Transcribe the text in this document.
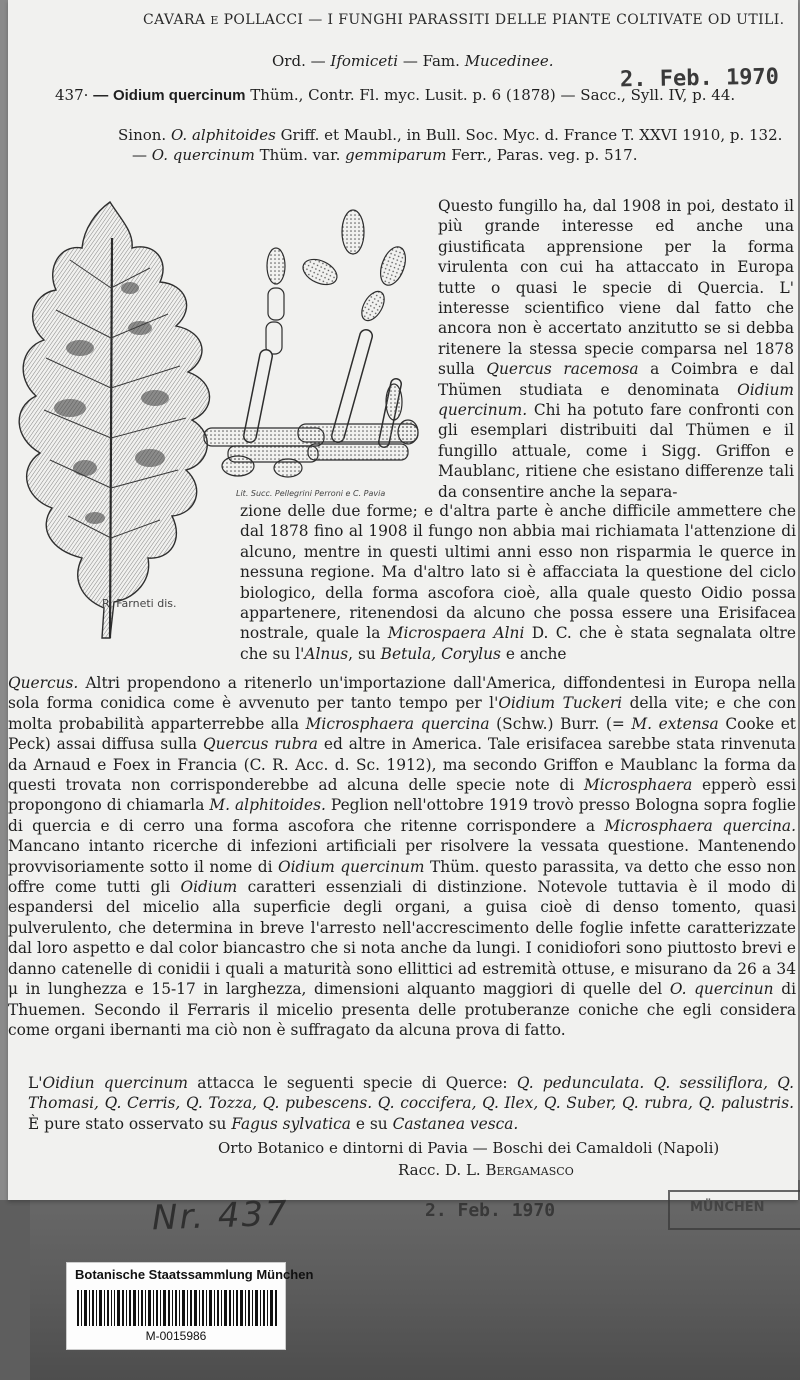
CAVARA E POLLACCI — I FUNGHI PARASSITI DELLE PIANTE COLTIVATE OD UTILI.
Ord. — Ifomiceti — Fam. Mucedinee.
2. Feb. 1970
437· — Oidium quercinum Thüm., Contr. Fl. myc. Lusit. p. 6 (1878) — Sacc., Syll. IV, p. 44.
Sinon. O. alphitoides Griff. et Maubl., in Bull. Soc. Myc. d. France T. XXVI 1910, p. 132.
— O. quercinum Thüm. var. gemmiparum Ferr., Paras. veg. p. 517.
R. Farneti dis.
Lit. Succ. Pellegrini Perroni e C. Pavia

Questo fungillo ha, dal 1908 in poi, destato il più grande interesse ed anche una giustificata apprensione per la forma virulenta con cui ha attaccato in Europa tutte o quasi le specie di Quercia. L' interesse scientifico viene dal fatto che ancora non è accertato anzitutto se si debba ritenere la stessa specie comparsa nel 1878 sulla Quercus racemosa a Coimbra e dal Thümen studiata e denominata Oidium quercinum. Chi ha potuto fare confronti con gli esemplari distribuiti dal Thümen e il fungillo attuale, come i Sigg. Griffon e Maublanc, ritiene che esistano differenze tali da consentire anche la separa-

zione delle due forme; e d'altra parte è anche difficile ammettere che dal 1878 fino al 1908 il fungo non abbia mai richiamata l'attenzione di alcuno, mentre in questi ultimi anni esso non risparmia le querce in nessuna regione. Ma d'altro lato si è affacciata la questione del ciclo biologico, della forma ascofora cioè, alla quale questo Oidio possa appartenere, ritenendosi da alcuno che possa essere una Erisifacea nostrale, quale la Microspaera Alni D. C. che è stata segnalata oltre che su l'Alnus, su Betula, Corylus e anche

Quercus. Altri propendono a ritenerlo un'importazione dall'America, diffondentesi in Europa nella sola forma conidica come è avvenuto per tanto tempo per l'Oidium Tuckeri della vite; e che con molta probabilità apparterrebbe alla Microsphaera quercina (Schw.) Burr. (= M. extensa Cooke et Peck) assai diffusa sulla Quercus rubra ed altre in America. Tale erisifacea sarebbe stata rinvenuta da Arnaud e Foex in Francia (C. R. Acc. d. Sc. 1912), ma secondo Griffon e Maublanc la forma da questi trovata non corrisponderebbe ad alcuna delle specie note di Microsphaera epperò essi propongono di chiamarla M. alphitoides. Peglion nell'ottobre 1919 trovò presso Bologna sopra foglie di quercia e di cerro una forma ascofora che ritenne corrispondere a Microsphaera quercina. Mancano intanto ricerche di infezioni artificiali per risolvere la vessata questione. Mantenendo provvisoriamente sotto il nome di Oidium quercinum Thüm. questo parassita, va detto che esso non offre come tutti gli Oidium caratteri essenziali di distinzione. Notevole tuttavia è il modo di espandersi del micelio alla superficie degli organi, a guisa cioè di denso tomento, quasi pulverulento, che determina in breve l'arresto nell'accrescimento delle foglie infette caratterizzate dal loro aspetto e dal color biancastro che si nota anche da lungi. I conidiofori sono piuttosto brevi e danno catenelle di conidii i quali a maturità sono ellittici ad estremità ottuse, e misurano da 26 a 34 μ in lunghezza e 15-17 in larghezza, dimensioni alquanto maggiori di quelle del O. quercinun di Thuemen. Secondo il Ferraris il micelio presenta delle protuberanze coniche che egli considera come organi ibernanti ma ciò non è suffragato da alcuna prova di fatto.

L'Oidiun quercinum attacca le seguenti specie di Querce: Q. pedunculata. Q. sessiliflora, Q. Thomasi, Q. Cerris, Q. Tozza, Q. pubescens. Q. coccifera, Q. Ilex, Q. Suber, Q. rubra, Q. palustris. È pure stato osservato su Fagus sylvatica e su Castanea vesca.

Orto Botanico e dintorni di Pavia — Boschi dei Camaldoli (Napoli)
Racc. D. L. Bergamasco
Nr. 437	2. Feb. 1970	MÜNCHEN
Botanische Staatssammlung München
M-0015986
